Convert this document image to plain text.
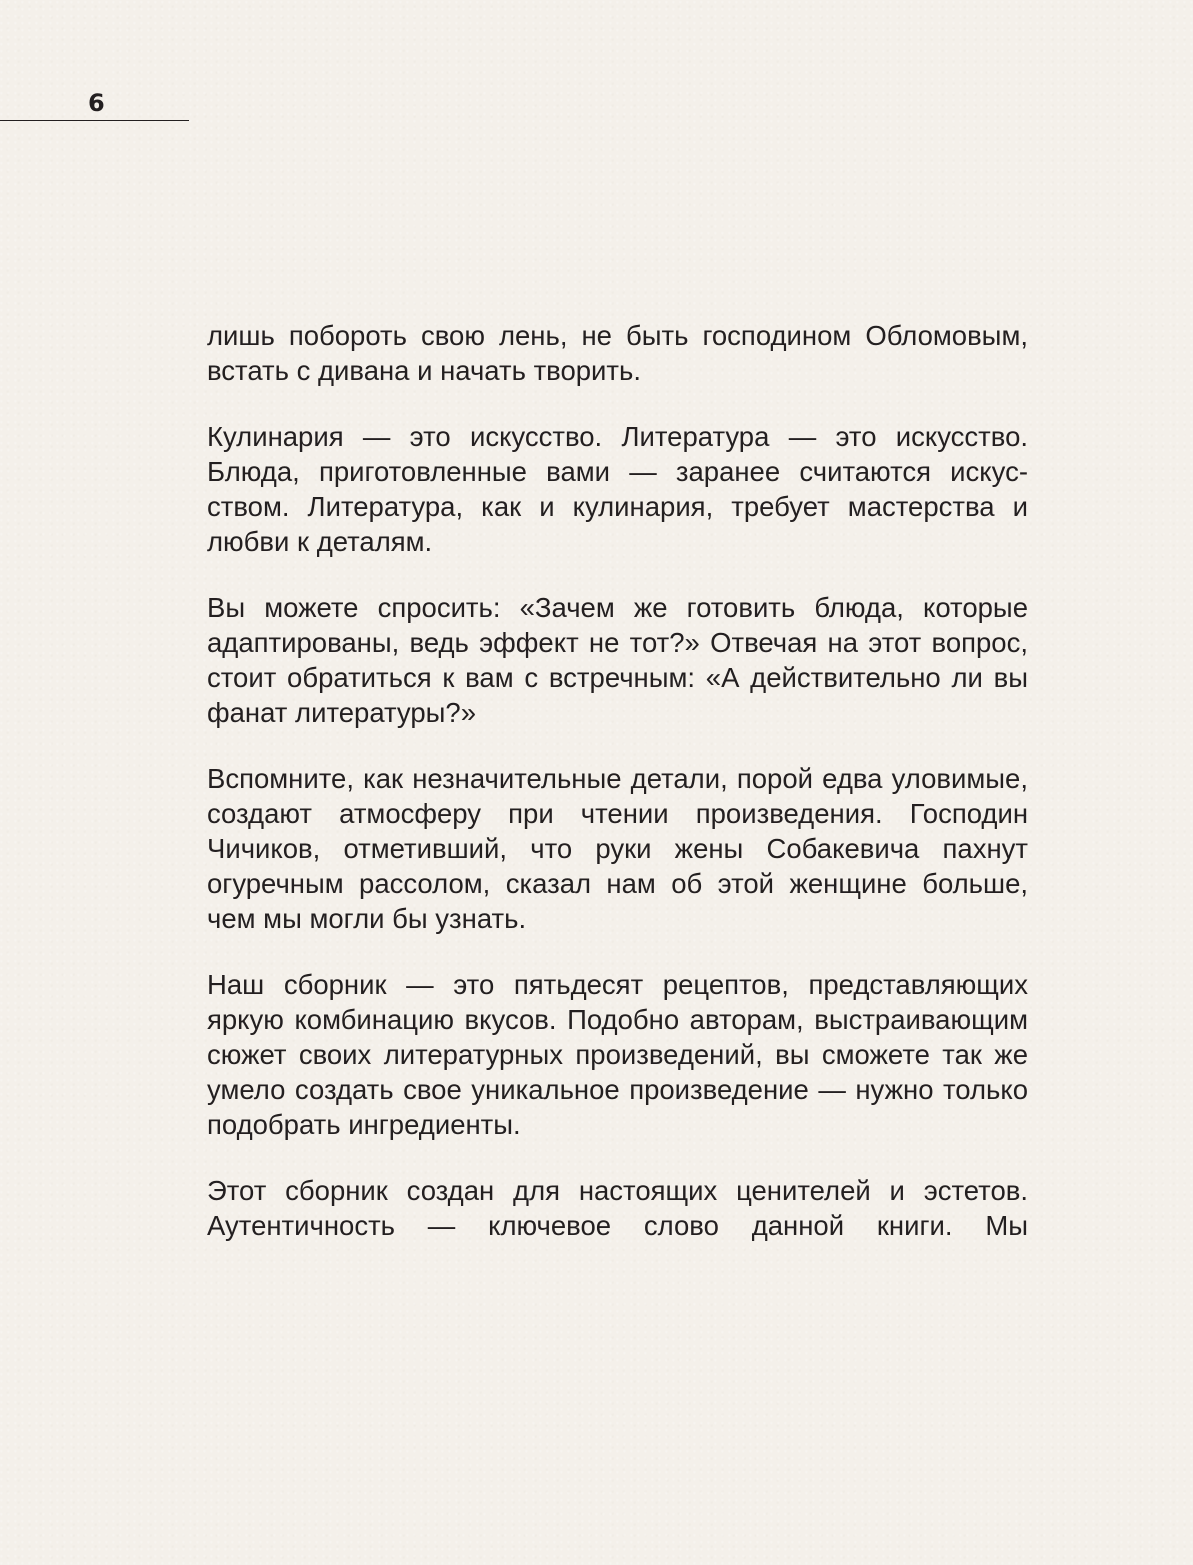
6

лишь побороть свою лень, не быть господином Обломовым, встать с дивана и начать творить.

Кулинария — это искусство. Литература — это искусство. Блюда, приготовленные вами — заранее считаются искусством. Литература, как и кулинария, требует мастерства и любви к деталям.

Вы можете спросить: «Зачем же готовить блюда, которые адаптированы, ведь эффект не тот?» Отвечая на этот вопрос, стоит обратиться к вам с встречным: «А действительно ли вы фанат литературы?»

Вспомните, как незначительные детали, порой едва уловимые, создают атмосферу при чтении произведения. Господин Чичиков, отметивший, что руки жены Собакевича пахнут огуречным рассолом, сказал нам об этой женщине больше, чем мы могли бы узнать.

Наш сборник — это пятьдесят рецептов, представляющих яркую комбинацию вкусов. Подобно авторам, выстраивающим сюжет своих литературных произведений, вы сможете так же умело создать свое уникальное произведение — нужно только подобрать ингредиенты.

Этот сборник создан для настоящих ценителей и эстетов. Аутентичность — ключевое слово данной книги. Мы
